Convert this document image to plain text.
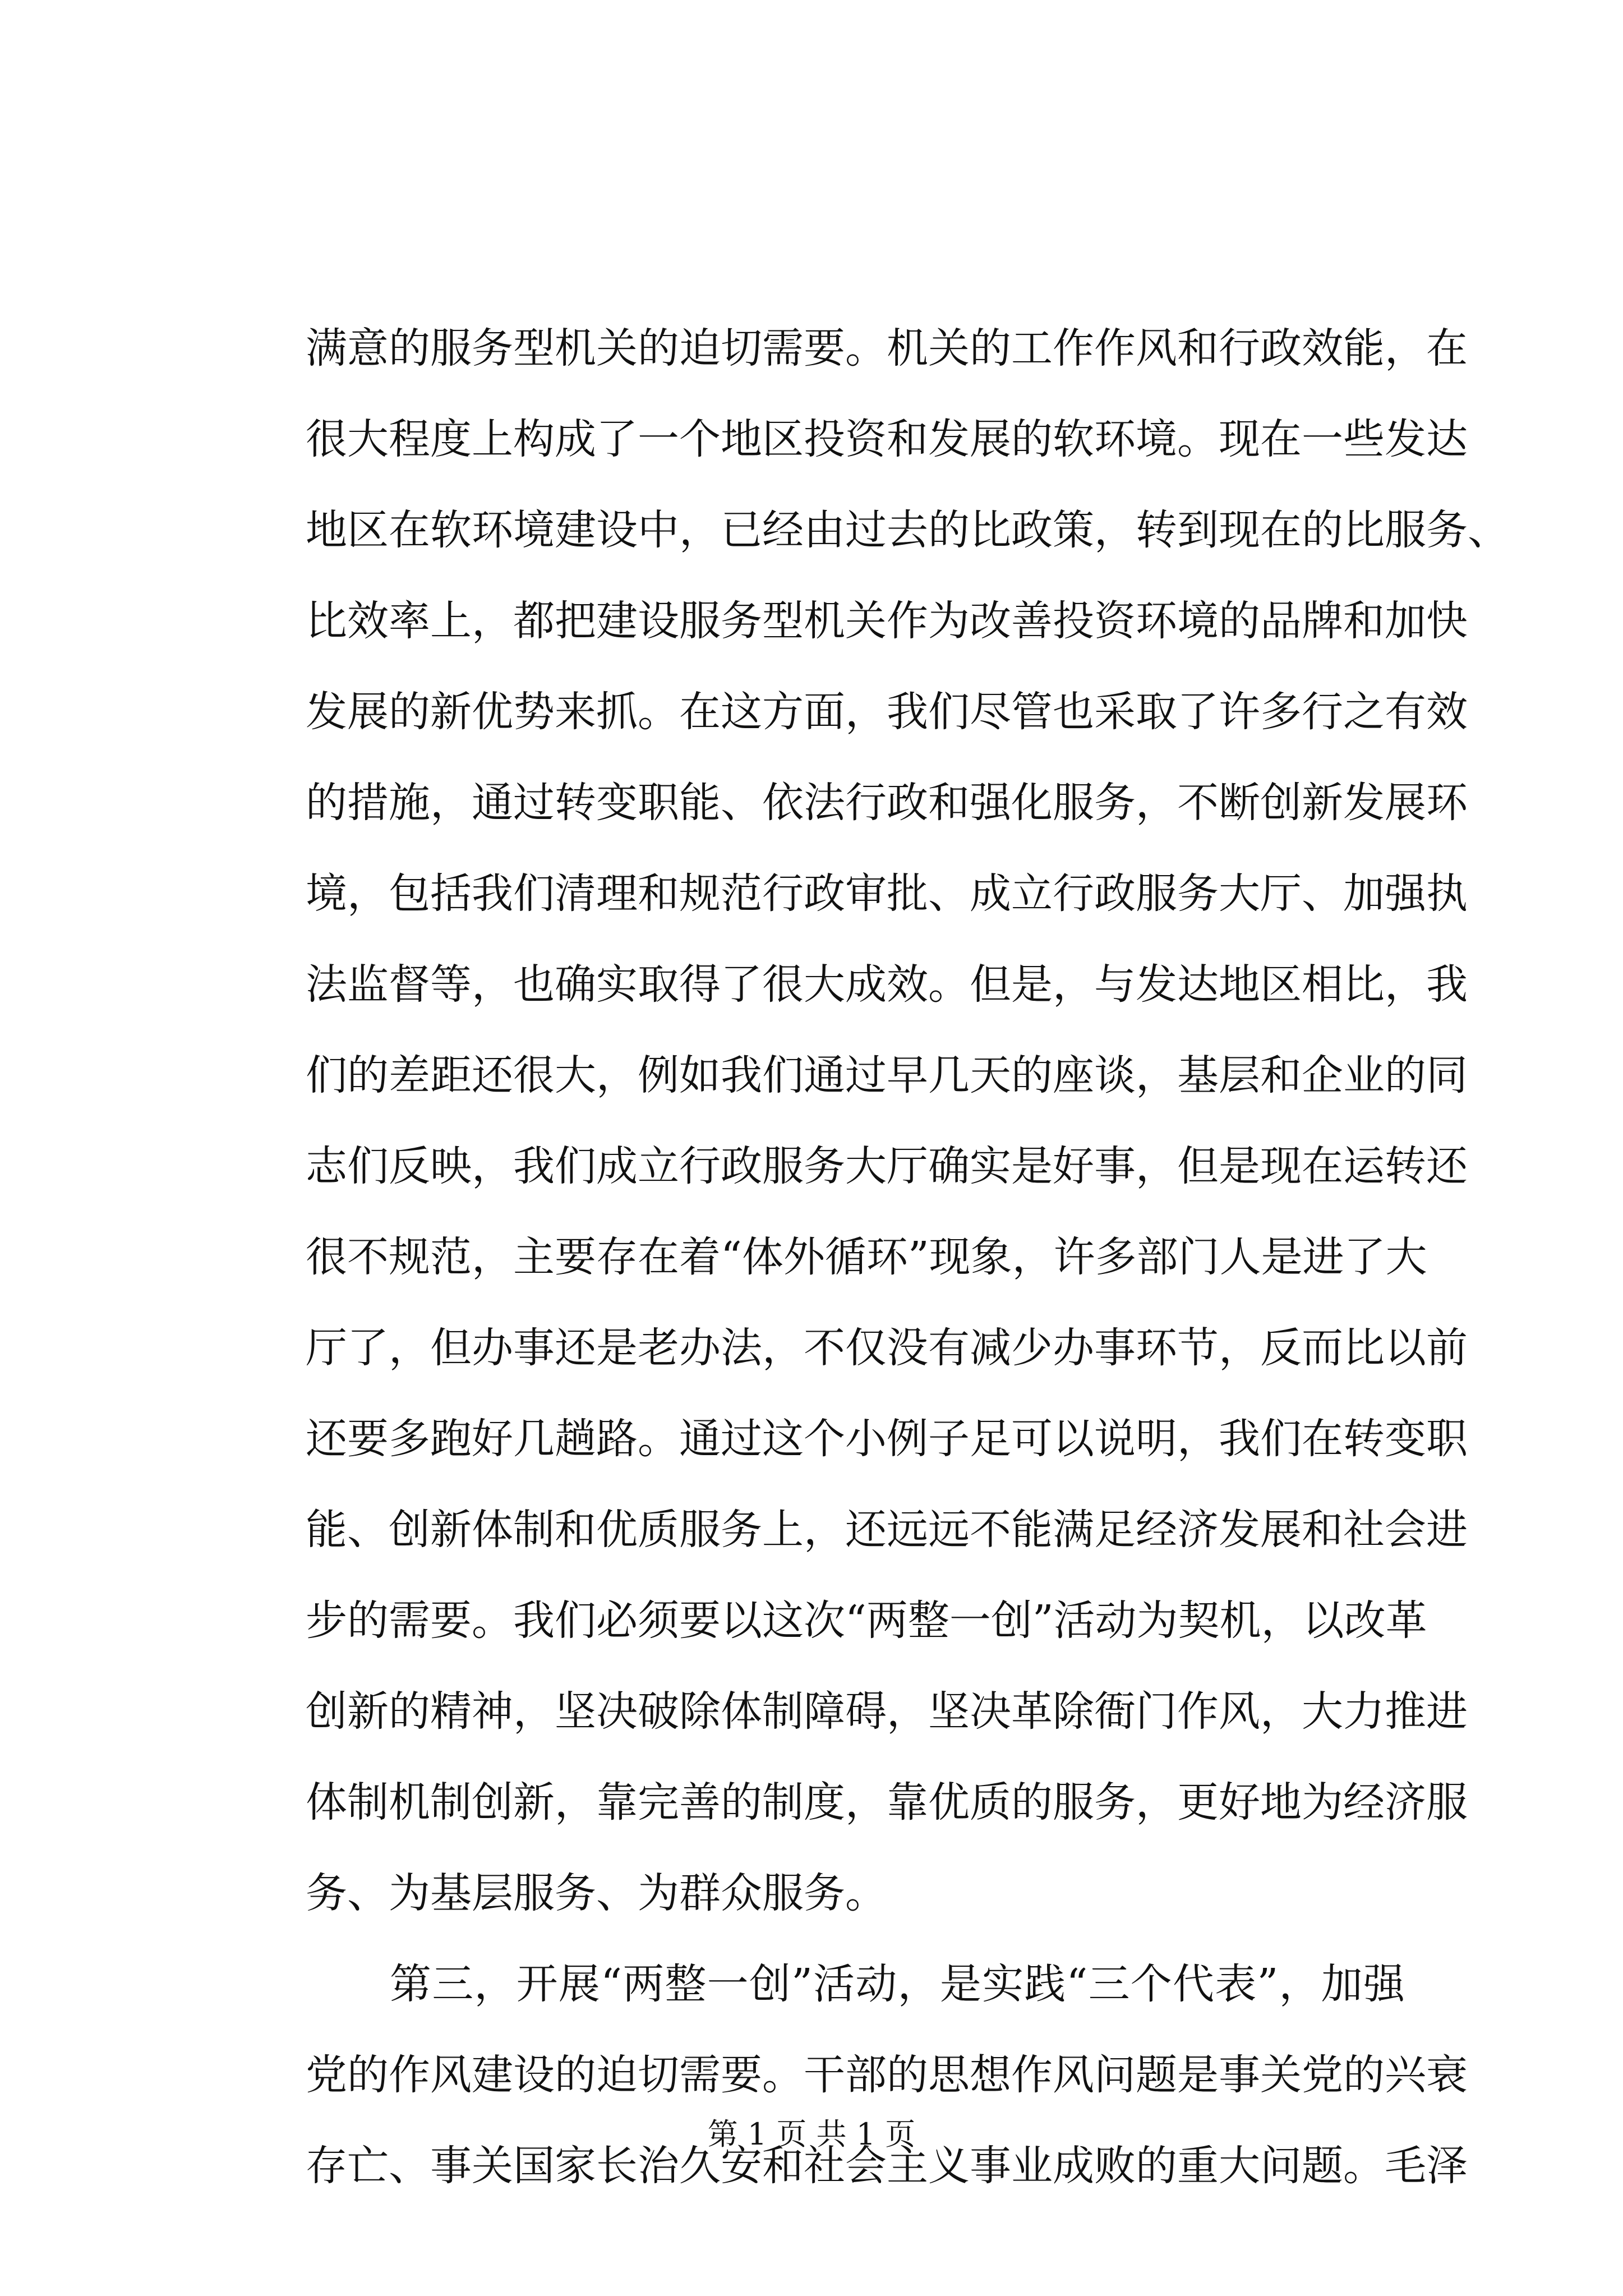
满意的服务型机关的迫切需要。机关的工作作风和行政效能，在
很大程度上构成了一个地区投资和发展的软环境。现在一些发达
地区在软环境建设中，已经由过去的比政策，转到现在的比服务、
比效率上，都把建设服务型机关作为改善投资环境的品牌和加快
发展的新优势来抓。在这方面，我们尽管也采取了许多行之有效
的措施，通过转变职能、依法行政和强化服务，不断创新发展环
境，包括我们清理和规范行政审批、成立行政服务大厅、加强执
法监督等，也确实取得了很大成效。但是，与发达地区相比，我
们的差距还很大，例如我们通过早几天的座谈，基层和企业的同
志们反映，我们成立行政服务大厅确实是好事，但是现在运转还
很不规范，主要存在着“体外循环”现象，许多部门人是进了大
厅了，但办事还是老办法，不仅没有减少办事环节，反而比以前
还要多跑好几趟路。通过这个小例子足可以说明，我们在转变职
能、创新体制和优质服务上，还远远不能满足经济发展和社会进
步的需要。我们必须要以这次“两整一创”活动为契机，以改革
创新的精神，坚决破除体制障碍，坚决革除衙门作风，大力推进
体制机制创新，靠完善的制度，靠优质的服务，更好地为经济服
务、为基层服务、为群众服务。
第三，开展“两整一创”活动，是实践“三个代表”，加强
党的作风建设的迫切需要。干部的思想作风问题是事关党的兴衰
存亡、事关国家长治久安和社会主义事业成败的重大问题。毛泽
第 1 页 共 1 页
